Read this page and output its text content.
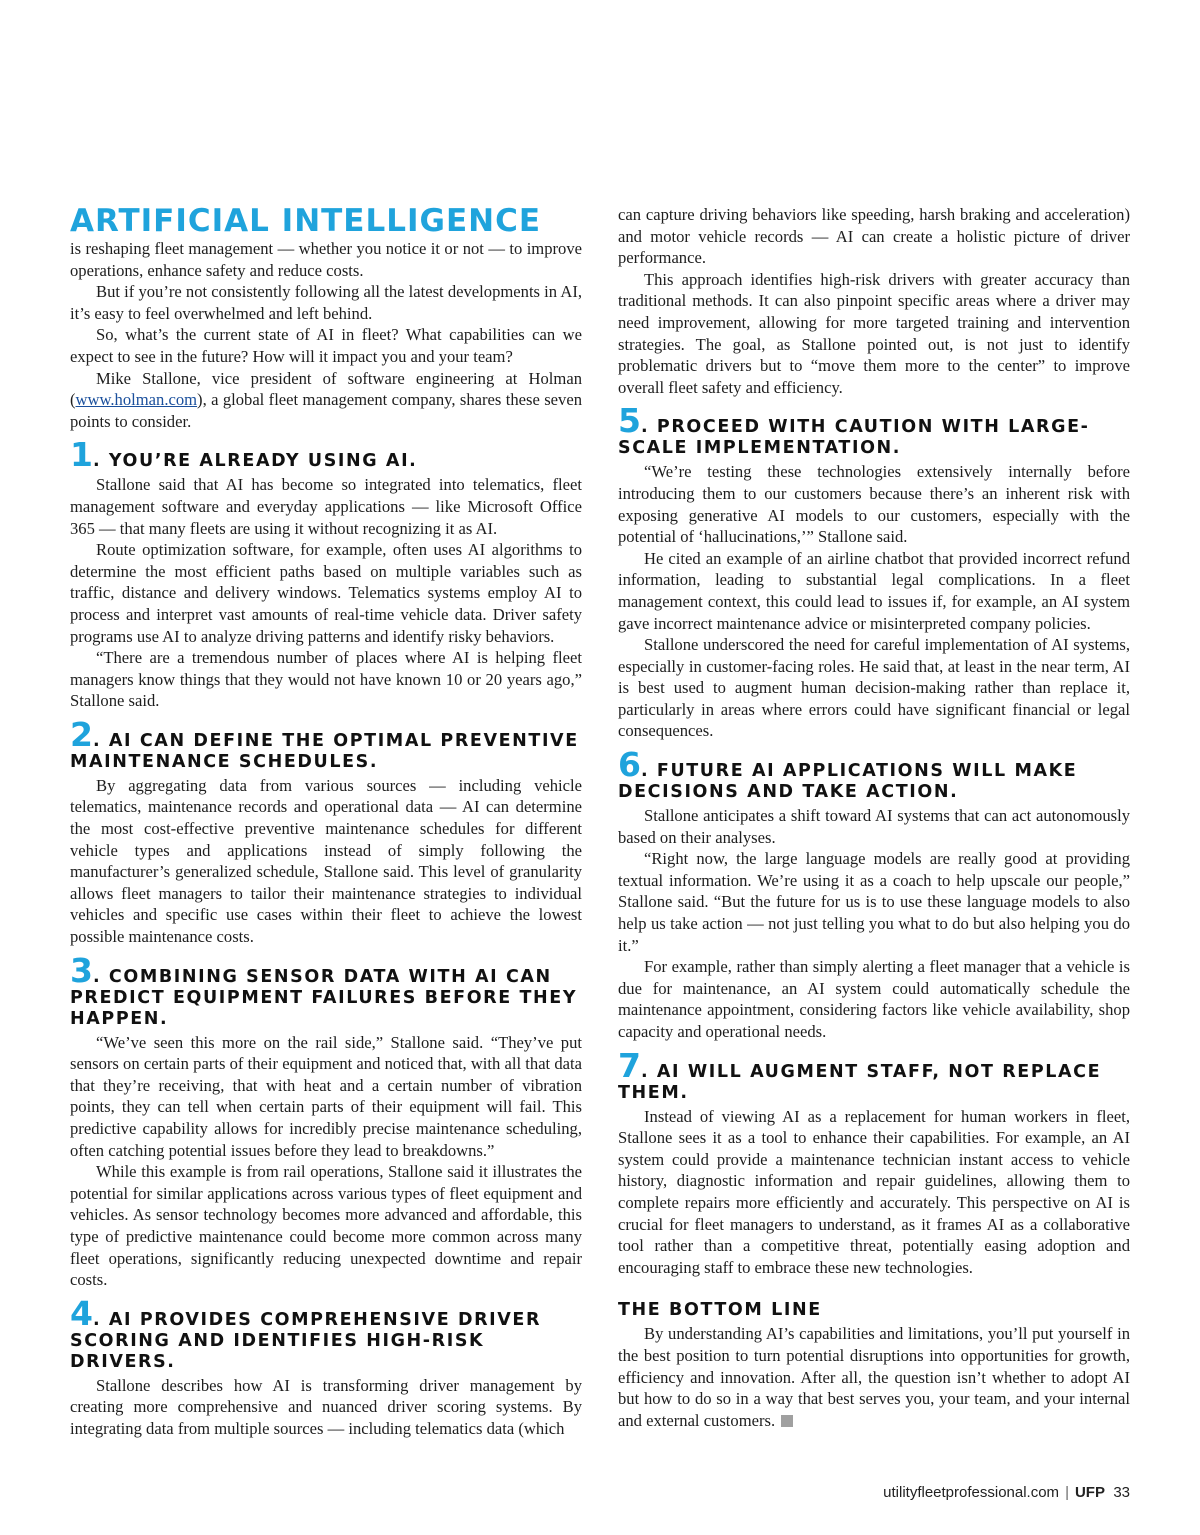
ARTIFICIAL INTELLIGENCE

is reshaping fleet management — whether you notice it or not — to improve operations, enhance safety and reduce costs.

But if you’re not consistently following all the latest developments in AI, it’s easy to feel overwhelmed and left behind.

So, what’s the current state of AI in fleet? What capabilities can we expect to see in the future? How will it impact you and your team?

Mike Stallone, vice president of software engineering at Holman (www.holman.com), a global fleet management company, shares these seven points to consider.

1. YOU’RE ALREADY USING AI.

Stallone said that AI has become so integrated into telematics, fleet management software and everyday applications — like Microsoft Office 365 — that many fleets are using it without recognizing it as AI.

Route optimization software, for example, often uses AI algorithms to determine the most efficient paths based on multiple variables such as traffic, distance and delivery windows. Telematics systems employ AI to process and interpret vast amounts of real-time vehicle data. Driver safety programs use AI to analyze driving patterns and identify risky behaviors.

“There are a tremendous number of places where AI is helping fleet managers know things that they would not have known 10 or 20 years ago,” Stallone said.

2. AI CAN DEFINE THE OPTIMAL PREVENTIVE MAINTENANCE SCHEDULES.

By aggregating data from various sources — including vehicle telematics, maintenance records and operational data — AI can determine the most cost-effective preventive maintenance schedules for different vehicle types and applications instead of simply following the manufacturer’s generalized schedule, Stallone said. This level of granularity allows fleet managers to tailor their maintenance strategies to individual vehicles and specific use cases within their fleet to achieve the lowest possible maintenance costs.

3. COMBINING SENSOR DATA WITH AI CAN PREDICT EQUIPMENT FAILURES BEFORE THEY HAPPEN.

“We’ve seen this more on the rail side,” Stallone said. “They’ve put sensors on certain parts of their equipment and noticed that, with all that data that they’re receiving, that with heat and a certain number of vibration points, they can tell when certain parts of their equipment will fail. This predictive capability allows for incredibly precise maintenance scheduling, often catching potential issues before they lead to breakdowns.”

While this example is from rail operations, Stallone said it illustrates the potential for similar applications across various types of fleet equipment and vehicles. As sensor technology becomes more advanced and affordable, this type of predictive maintenance could become more common across many fleet operations, significantly reducing unexpected downtime and repair costs.

4. AI PROVIDES COMPREHENSIVE DRIVER SCORING AND IDENTIFIES HIGH-RISK DRIVERS.

Stallone describes how AI is transforming driver management by creating more comprehensive and nuanced driver scoring systems. By integrating data from multiple sources — including telematics data (which

can capture driving behaviors like speeding, harsh braking and acceleration) and motor vehicle records — AI can create a holistic picture of driver performance.

This approach identifies high-risk drivers with greater accuracy than traditional methods. It can also pinpoint specific areas where a driver may need improvement, allowing for more targeted training and intervention strategies. The goal, as Stallone pointed out, is not just to identify problematic drivers but to “move them more to the center” to improve overall fleet safety and efficiency.

5. PROCEED WITH CAUTION WITH LARGE-SCALE IMPLEMENTATION.

“We’re testing these technologies extensively internally before introducing them to our customers because there’s an inherent risk with exposing generative AI models to our customers, especially with the potential of ‘hallucinations,’” Stallone said.

He cited an example of an airline chatbot that provided incorrect refund information, leading to substantial legal complications. In a fleet management context, this could lead to issues if, for example, an AI system gave incorrect maintenance advice or misinterpreted company policies.

Stallone underscored the need for careful implementation of AI systems, especially in customer-facing roles. He said that, at least in the near term, AI is best used to augment human decision-making rather than replace it, particularly in areas where errors could have significant financial or legal consequences.

6. FUTURE AI APPLICATIONS WILL MAKE DECISIONS AND TAKE ACTION.

Stallone anticipates a shift toward AI systems that can act autonomously based on their analyses.

“Right now, the large language models are really good at providing textual information. We’re using it as a coach to help upscale our people,” Stallone said. “But the future for us is to use these language models to also help us take action — not just telling you what to do but also helping you do it.”

For example, rather than simply alerting a fleet manager that a vehicle is due for maintenance, an AI system could automatically schedule the maintenance appointment, considering factors like vehicle availability, shop capacity and operational needs.

7. AI WILL AUGMENT STAFF, NOT REPLACE THEM.

Instead of viewing AI as a replacement for human workers in fleet, Stallone sees it as a tool to enhance their capabilities. For example, an AI system could provide a maintenance technician instant access to vehicle history, diagnostic information and repair guidelines, allowing them to complete repairs more efficiently and accurately. This perspective on AI is crucial for fleet managers to understand, as it frames AI as a collaborative tool rather than a competitive threat, potentially easing adoption and encouraging staff to embrace these new technologies.

THE BOTTOM LINE

By understanding AI’s capabilities and limitations, you’ll put yourself in the best position to turn potential disruptions into opportunities for growth, efficiency and innovation. After all, the question isn’t whether to adopt AI but how to do so in a way that best serves you, your team, and your internal and external customers.

utilityfleetprofessional.com | UFP 33
